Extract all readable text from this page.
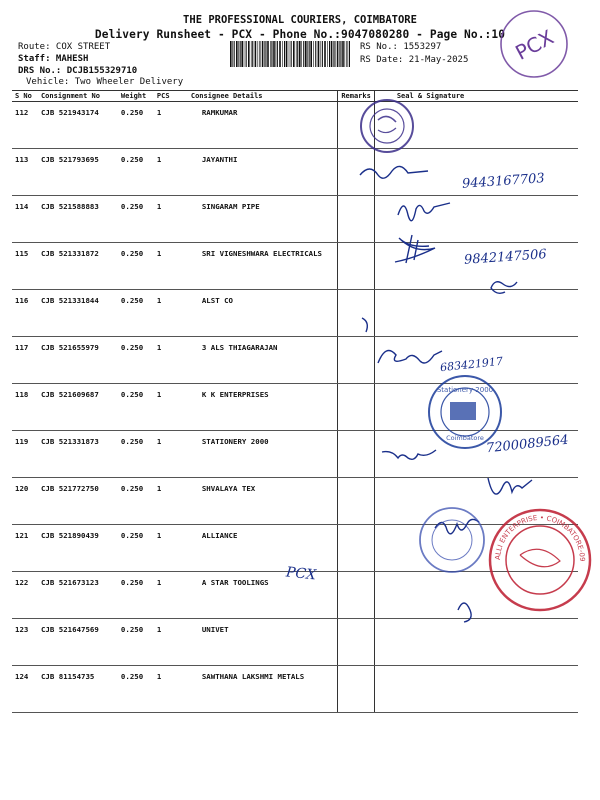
THE PROFESSIONAL COURIERS, COIMBATORE
Delivery Runsheet - PCX - Phone No.:9047080280 - Page No.:10
Route: COX STREET
Staff: MAHESH
DRS No.: DCJB155329710
Vehicle: Two Wheeler Delivery
RS No.: 1553297
RS Date: 21-May-2025
S No	Consignment No	Weight	PCS	Consignee Details	Remarks	Seal & Signature
112	CJB 521943174	0.250	1	RAMKUMAR		
113	CJB 521793695	0.250	1	JAYANTHI		
114	CJB 521588883	0.250	1	SINGARAM PIPE		
115	CJB 521331872	0.250	1	SRI VIGNESHWARA ELECTRICALS		
116	CJB 521331844	0.250	1	ALST CO		
117	CJB 521655979	0.250	1	3 ALS THIAGARAJAN		
118	CJB 521609687	0.250	1	K K ENTERPRISES		
119	CJB 521331873	0.250	1	STATIONERY 2000		
120	CJB 521772750	0.250	1	SHVALAYA TEX		
121	CJB 521890439	0.250	1	ALLIANCE		
122	CJB 521673123	0.250	1	A STAR TOOLINGS		
123	CJB 521647569	0.250	1	UNIVET		
124	CJB 81154735	0.250	1	SAWTHANA LAKSHMI METALS		
PCX
Stationery 2000
Coimbatore
ALLI ENTERPRISE • COIMBATORE-09
9443167703
9842147506
683421917
7200089564
PCX
